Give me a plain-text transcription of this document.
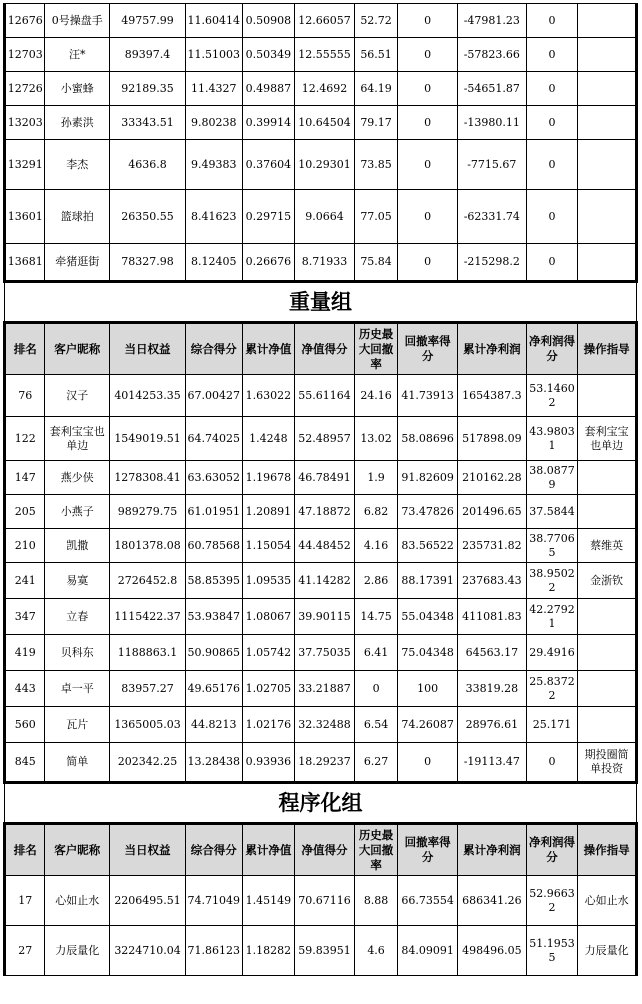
12676	0号操盘手	49757.99	11.60414	0.50908	12.66057	52.72	0	-47981.23	0	
12703	汪*	89397.4	11.51003	0.50349	12.55555	56.51	0	-57823.66	0	
12726	小蜜蜂	92189.35	11.4327	0.49887	12.4692	64.19	0	-54651.87	0	
13203	孙素洪	33343.51	9.80238	0.39914	10.64504	79.17	0	-13980.11	0	
13291	李杰	4636.8	9.49383	0.37604	10.29301	73.85	0	-7715.67	0	
13601	篮球拍	26350.55	8.41623	0.29715	9.0664	77.05	0	-62331.74	0	
13681	牵猪逛街	78327.98	8.12405	0.26676	8.71933	75.84	0	-215298.2	0	
重量组										
排名	客户昵称	当日权益	综合得分	累计净值	净值得分	历史最大回撤率	回撤率得分	累计净利润	净利润得分	操作指导
76	汉子	4014253.35	67.00427	1.63022	55.61164	24.16	41.73913	1654387.3	53.14602	
122	套利宝宝也单边	1549019.51	64.74025	1.4248	52.48957	13.02	58.08696	517898.09	43.98031	套利宝宝也单边
147	燕少侠	1278308.41	63.63052	1.19678	46.78491	1.9	91.82609	210162.28	38.08779	
205	小燕子	989279.75	61.01951	1.20891	47.18872	6.82	73.47826	201496.65	37.5844	
210	凯撒	1801378.08	60.78568	1.15054	44.48452	4.16	83.56522	235731.82	38.77065	蔡维英
241	易寞	2726452.8	58.85395	1.09535	41.14282	2.86	88.17391	237683.43	38.95022	金浙钦
347	立春	1115422.37	53.93847	1.08067	39.90115	14.75	55.04348	411081.83	42.27921	
419	贝科东	1188863.1	50.90865	1.05742	37.75035	6.41	75.04348	64563.17	29.4916	
443	卓一平	83957.27	49.65176	1.02705	33.21887	0	100	33819.28	25.83722	
560	瓦片	1365005.03	44.8213	1.02176	32.32488	6.54	74.26087	28976.61	25.171	
845	简单	202342.25	13.28438	0.93936	18.29237	6.27	0	-19113.47	0	期投圈简单投资
程序化组										
排名	客户昵称	当日权益	综合得分	累计净值	净值得分	历史最大回撤率	回撤率得分	累计净利润	净利润得分	操作指导
17	心如止水	2206495.51	74.71049	1.45149	70.67116	8.88	66.73554	686341.26	52.96632	心如止水
27	力辰量化	3224710.04	71.86123	1.18282	59.83951	4.6	84.09091	498496.05	51.19535	力辰量化
